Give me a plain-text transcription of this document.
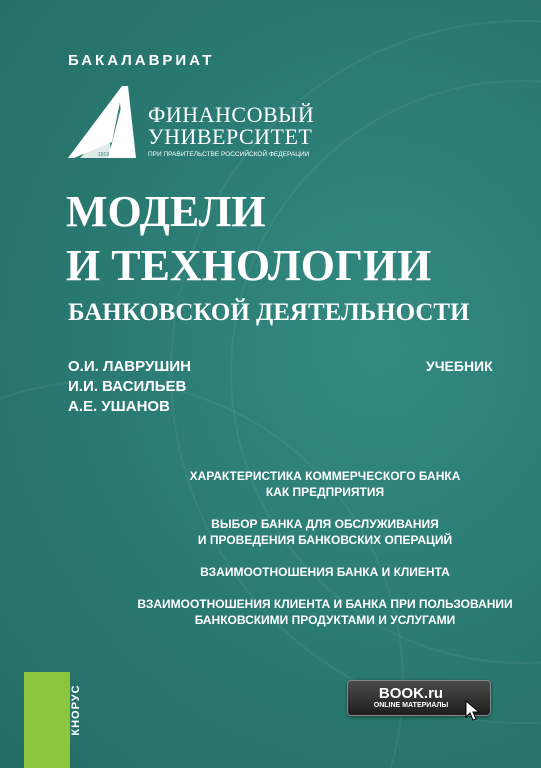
БАКАЛАВРИАТ
1919
ФИНАНСОВЫЙ
УНИВЕРСИТЕТ
ПРИ ПРАВИТЕЛЬСТВЕ РОССИЙСКОЙ ФЕДЕРАЦИИ
МОДЕЛИ
И ТЕХНОЛОГИИ
БАНКОВСКОЙ ДЕЯТЕЛЬНОСТИ
О.И. ЛАВРУШИН
И.И. ВАСИЛЬЕВ
А.Е. УШАНОВ
УЧЕБНИК
ХАРАКТЕРИСТИКА КОММЕРЧЕСКОГО БАНКА
КАК ПРЕДПРИЯТИЯ
ВЫБОР БАНКА ДЛЯ ОБСЛУЖИВАНИЯ
И ПРОВЕДЕНИЯ БАНКОВСКИХ ОПЕРАЦИЙ
ВЗАИМООТНОШЕНИЯ БАНКА И КЛИЕНТА
ВЗАИМООТНОШЕНИЯ КЛИЕНТА И БАНКА ПРИ ПОЛЬЗОВАНИИ
БАНКОВСКИМИ ПРОДУКТАМИ И УСЛУГАМИ
КНОРУС	BOOK.ru
ONLINE МАТЕРИАЛЫ
